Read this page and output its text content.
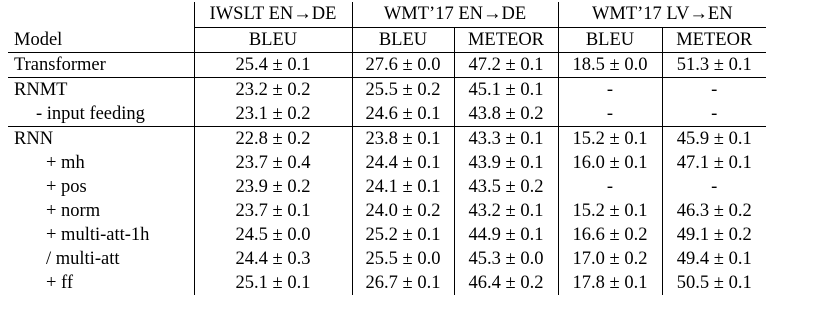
	IWSLT EN→DE	WMT’17 EN→DE		WMT’17 LV→EN	
Model	BLEU	BLEU	METEOR	BLEU	METEOR
Transformer	25.4 ± 0.1	27.6 ± 0.0	47.2 ± 0.1	18.5 ± 0.0	51.3 ± 0.1
RNMT	23.2 ± 0.2	25.5 ± 0.2	45.1 ± 0.1	-	-
- input feeding	23.1 ± 0.2	24.6 ± 0.1	43.8 ± 0.2	-	-
RNN	22.8 ± 0.2	23.8 ± 0.1	43.3 ± 0.1	15.2 ± 0.1	45.9 ± 0.1
+ mh	23.7 ± 0.4	24.4 ± 0.1	43.9 ± 0.1	16.0 ± 0.1	47.1 ± 0.1
+ pos	23.9 ± 0.2	24.1 ± 0.1	43.5 ± 0.2	-	-
+ norm	23.7 ± 0.1	24.0 ± 0.2	43.2 ± 0.1	15.2 ± 0.1	46.3 ± 0.2
+ multi-att-1h	24.5 ± 0.0	25.2 ± 0.1	44.9 ± 0.1	16.6 ± 0.2	49.1 ± 0.2
/ multi-att	24.4 ± 0.3	25.5 ± 0.0	45.3 ± 0.0	17.0 ± 0.2	49.4 ± 0.1
+ ff	25.1 ± 0.1	26.7 ± 0.1	46.4 ± 0.2	17.8 ± 0.1	50.5 ± 0.1
